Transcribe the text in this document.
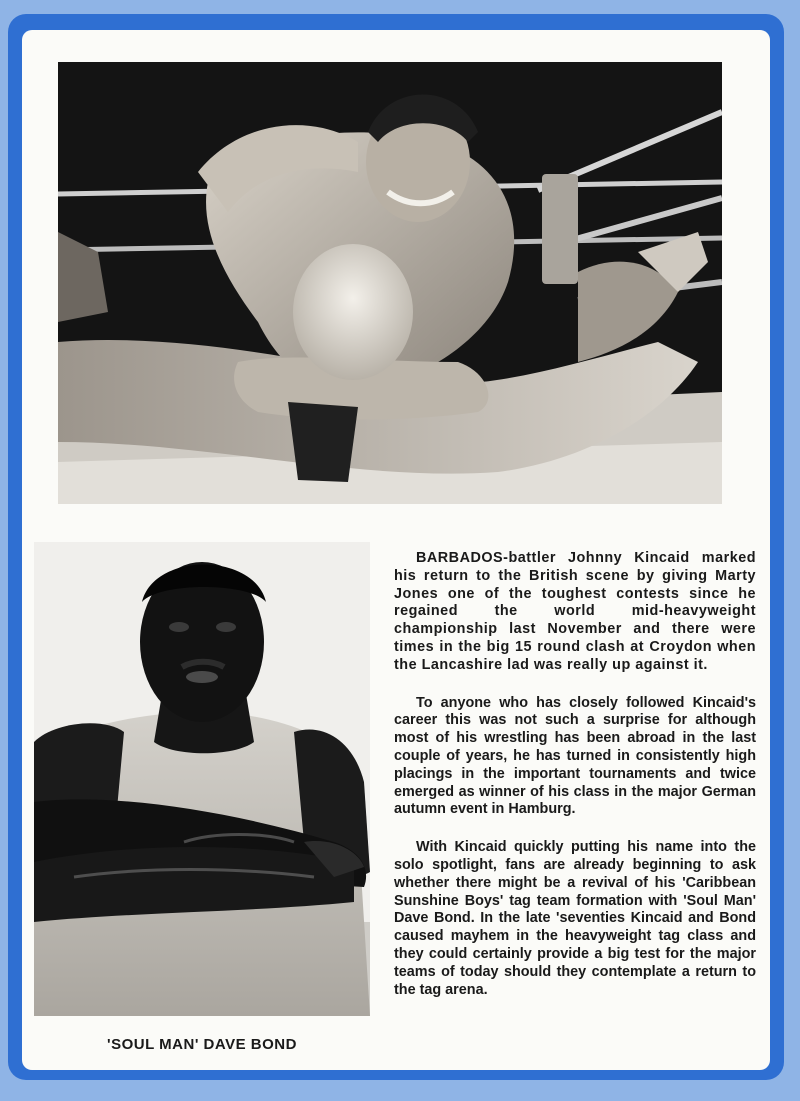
'SOUL MAN' DAVE BOND

BARBADOS-battler Johnny Kincaid marked his return to the British scene by giving Marty Jones one of the toughest contests since he regained the world mid-heavyweight championship last November and there were times in the big 15 round clash at Croydon when the Lancashire lad was really up against it.

To anyone who has closely followed Kincaid's career this was not such a surprise for although most of his wrestling has been abroad in the last couple of years, he has turned in consistently high placings in the important tournaments and twice emerged as winner of his class in the major German autumn event in Hamburg.

With Kincaid quickly putting his name into the solo spotlight, fans are already beginning to ask whether there might be a revival of his 'Caribbean Sunshine Boys' tag team formation with 'Soul Man' Dave Bond. In the late 'seventies Kincaid and Bond caused mayhem in the heavyweight tag class and they could certainly provide a big test for the major teams of today should they contemplate a return to the tag arena.
